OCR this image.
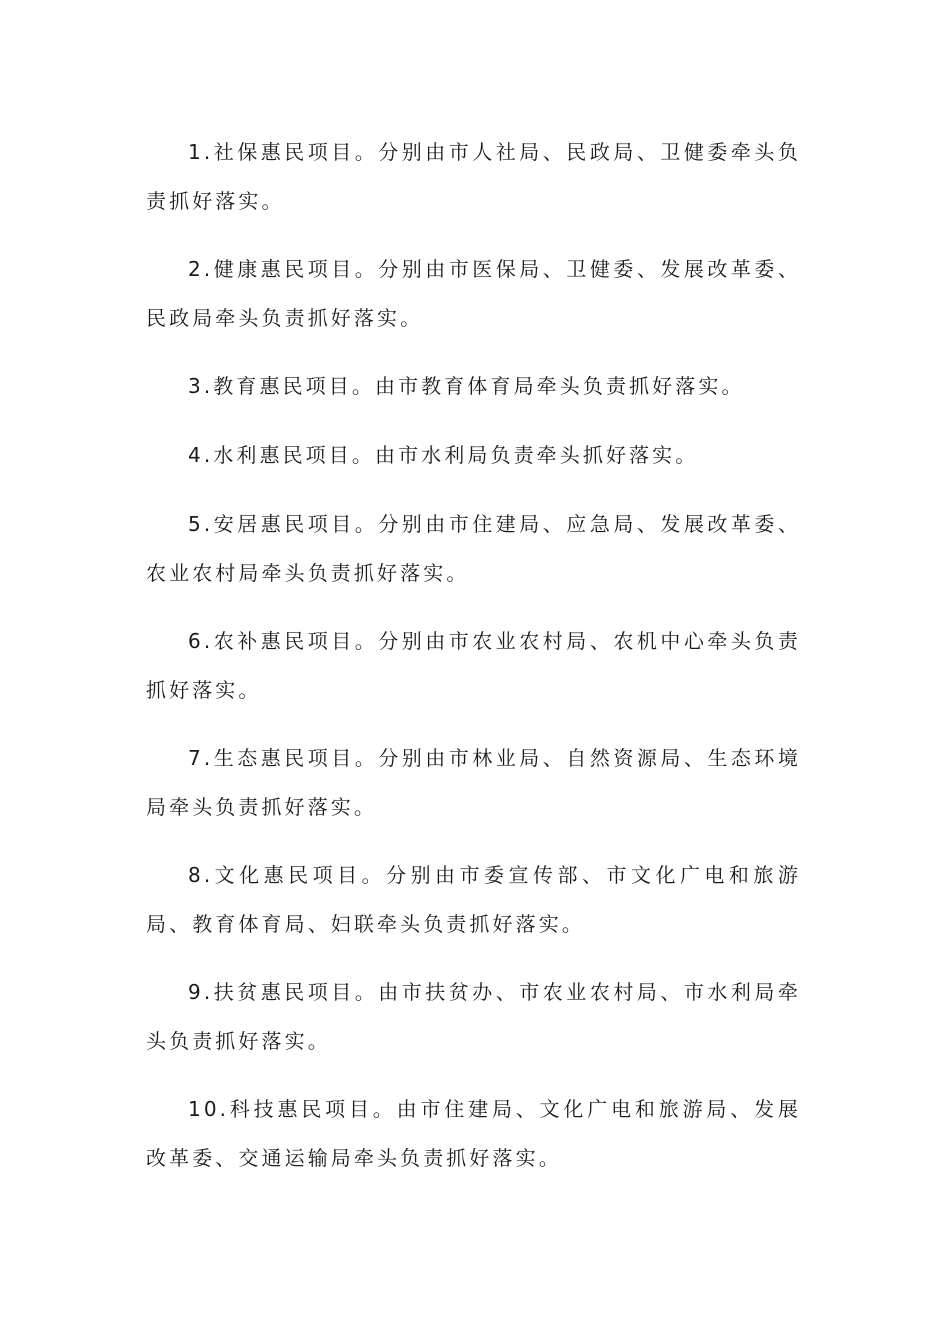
1.社保惠民项目。分别由市人社局、民政局、卫健委牵头负责抓好落实。

2.健康惠民项目。分别由市医保局、卫健委、发展改革委、民政局牵头负责抓好落实。

3.教育惠民项目。由市教育体育局牵头负责抓好落实。

4.水利惠民项目。由市水利局负责牵头抓好落实。

5.安居惠民项目。分别由市住建局、应急局、发展改革委、农业农村局牵头负责抓好落实。

6.农补惠民项目。分别由市农业农村局、农机中心牵头负责抓好落实。

7.生态惠民项目。分别由市林业局、自然资源局、生态环境局牵头负责抓好落实。

8.文化惠民项目。分别由市委宣传部、市文化广电和旅游局、教育体育局、妇联牵头负责抓好落实。

9.扶贫惠民项目。由市扶贫办、市农业农村局、市水利局牵头负责抓好落实。

10.科技惠民项目。由市住建局、文化广电和旅游局、发展改革委、交通运输局牵头负责抓好落实。
